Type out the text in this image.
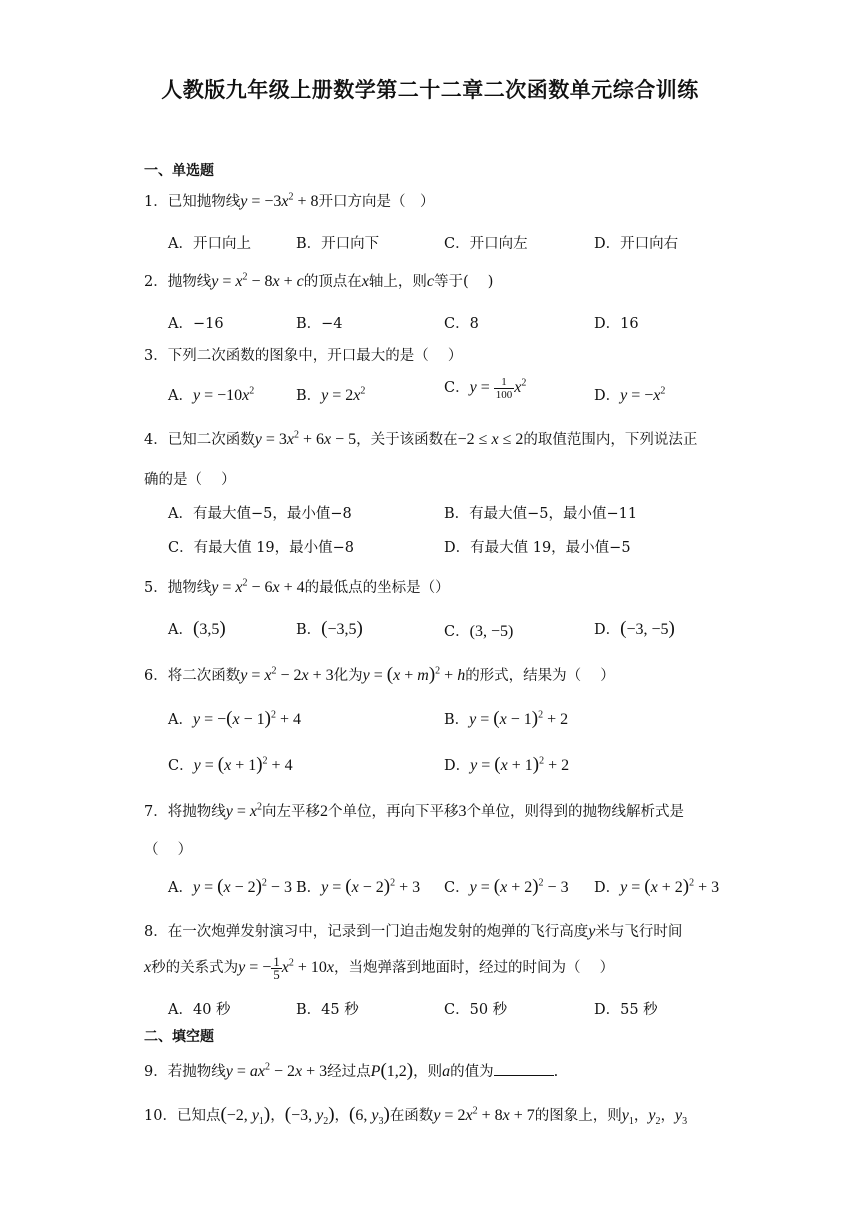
人教版九年级上册数学第二十二章二次函数单元综合训练
一、单选题
1．已知抛物线$y = -3x^2 + 8$开口方向是（　）
A．开口向上	B．开口向下	C．开口向左	D．开口向右
2．抛物线$y = x^2 - 8x + c$的顶点在x轴上，则c等于(　 )
A．−16	B．−4	C．8	D．16
3．下列二次函数的图象中，开口最大的是（　 ）
A．$y = -10x^2$	B．$y = 2x^2$	C．$y = \frac{1}{100} x^2$
D．$y = -x^2$
4．已知二次函数$y = 3x^2 + 6x - 5$，关于该函数在−2 ≤ x ≤ 2的取值范围内，下列说法正
确的是（　 ）
A．有最大值−5，最小值−8	B．有最大值−5，最小值−11
C．有最大值 19，最小值−8	D．有最大值 19，最小值−5
5．抛物线$y = x^2 - 6x + 4$的最低点的坐标是（）
A．(3,5)	B．(−3,5)	C．(3, −5)	D．(−3, −5)
6．将二次函数$y = x^2 - 2x + 3$化为$y = (x + m)^2 + h$的形式，结果为（　 ）
A．$y = -(x - 1)^2 + 4$	B．$y = (x - 1)^2 + 2$
C．$y = (x + 1)^2 + 4$	D．$y = (x + 1)^2 + 2$
7．将抛物线$y = x^2$向左平移2个单位，再向下平移3个单位，则得到的抛物线解析式是
（　 ）
A．$y = (x - 2)^2 - 3$ B．$y = (x - 2)^2 + 3$ C．$y = (x + 2)^2 - 3$ D．$y = (x + 2)^2 + 3$
8．在一次炮弹发射演习中，记录到一门迫击炮发射的炮弹的飞行高度y米与飞行时间
x秒的关系式为y = − $\frac{1}{5} x^2 + 10x$，当炮弹落到地面时，经过的时间为（　 ）
A．40 秒	B．45 秒	C．50 秒	D．55 秒
二、填空题
9．若抛物线$y = ax^2 - 2x + 3$经过点P(1,2)，则a的值为	.
10．已知点(−2, $y_1$)，(−3, $y_2$)，(6, $y_3$)在函数$y = 2x^2 + 8x + 7$的图象上，则$y_1$，$y_2$，$y_3$
